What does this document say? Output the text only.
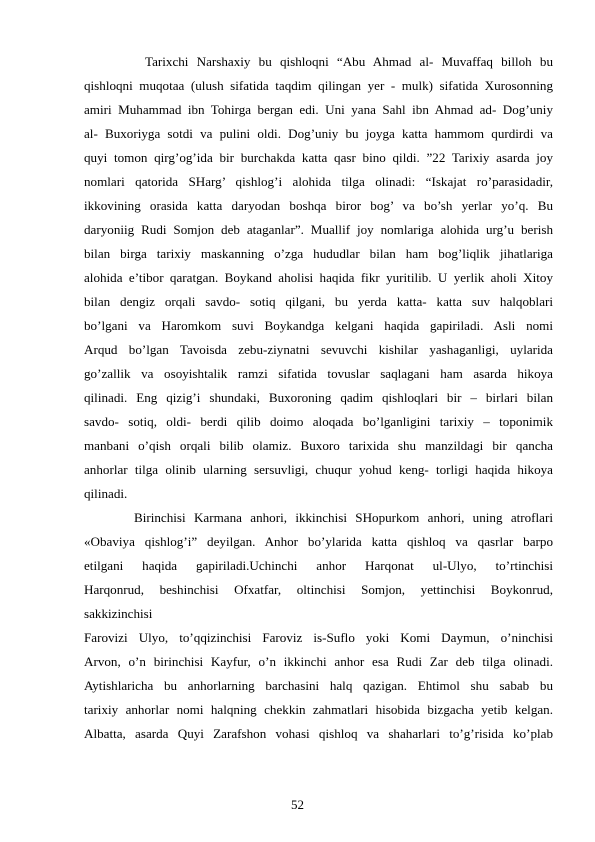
Tarixchi Narshaxiy bu qishloqni “Abu Ahmad al- Muvaffaq billoh bu
qishloqni muqotaa (ulush sifatida taqdim qilingan yer - mulk) sifatida Xurosonning
amiri Muhammad ibn Tohirga bergan edi. Uni yana Sahl ibn Ahmad ad- Dog’uniy
al- Buxoriyga sotdi va pulini oldi. Dog’uniy bu joyga katta hammom qurdirdi va
quyi tomon qirg’og’ida bir burchakda katta qasr bino qildi. ”22 Tarixiy asarda joy
nomlari qatorida SHarg’ qishlog’i alohida tilga olinadi: “Iskajat ro’parasidadir,
ikkovining orasida katta daryodan boshqa biror bog’ va bo’sh yerlar yo’q. Bu
daryoniig Rudi Somjon deb ataganlar”. Muallif joy nomlariga alohida urg’u berish
bilan birga tarixiy maskanning o’zga hududlar bilan ham bog’liqlik jihatlariga
alohida e’tibor qaratgan. Boykand aholisi haqida fikr yuritilib. U yerlik aholi Xitoy
bilan dengiz orqali savdo- sotiq qilgani, bu yerda katta- katta suv halqoblari
bo’lgani va Haromkom suvi Boykandga kelgani haqida gapiriladi. Asli nomi
Arqud bo’lgan Tavoisda zebu-ziynatni sevuvchi kishilar yashaganligi, uylarida
go’zallik va osoyishtalik ramzi sifatida tovuslar saqlagani ham asarda hikoya
qilinadi. Eng qizig’i shundaki, Buxoroning qadim qishloqlari bir – birlari bilan
savdo- sotiq, oldi- berdi qilib doimo aloqada bo’lganligini tarixiy – toponimik
manbani o’qish orqali bilib olamiz. Buxoro tarixida shu manzildagi bir qancha
anhorlar tilga olinib ularning sersuvligi, chuqur yohud keng- torligi haqida hikoya
qilinadi.
Birinchisi Karmana anhori, ikkinchisi SHopurkom anhori, uning atroflari
«Obaviya qishlog’i” deyilgan. Anhor bo’ylarida katta qishloq va qasrlar barpo
etilgani haqida gapiriladi.Uchinchi anhor Harqonat ul-Ulyo, to’rtinchisi
Harqonrud, beshinchisi Ofxatfar, oltinchisi Somjon, yettinchisi Boykonrud,
sakkizinchisi
Farovizi Ulyo, to’qqizinchisi Faroviz is-Suflo yoki Komi Daymun, o’ninchisi
Arvon, o’n birinchisi Kayfur, o’n ikkinchi anhor esa Rudi Zar deb tilga olinadi.
Aytishlaricha bu anhorlarning barchasini halq qazigan. Ehtimol shu sabab bu
tarixiy anhorlar nomi halqning chekkin zahmatlari hisobida bizgacha yetib kelgan.
Albatta, asarda Quyi Zarafshon vohasi qishloq va shaharlari to’g’risida ko’plab
52
